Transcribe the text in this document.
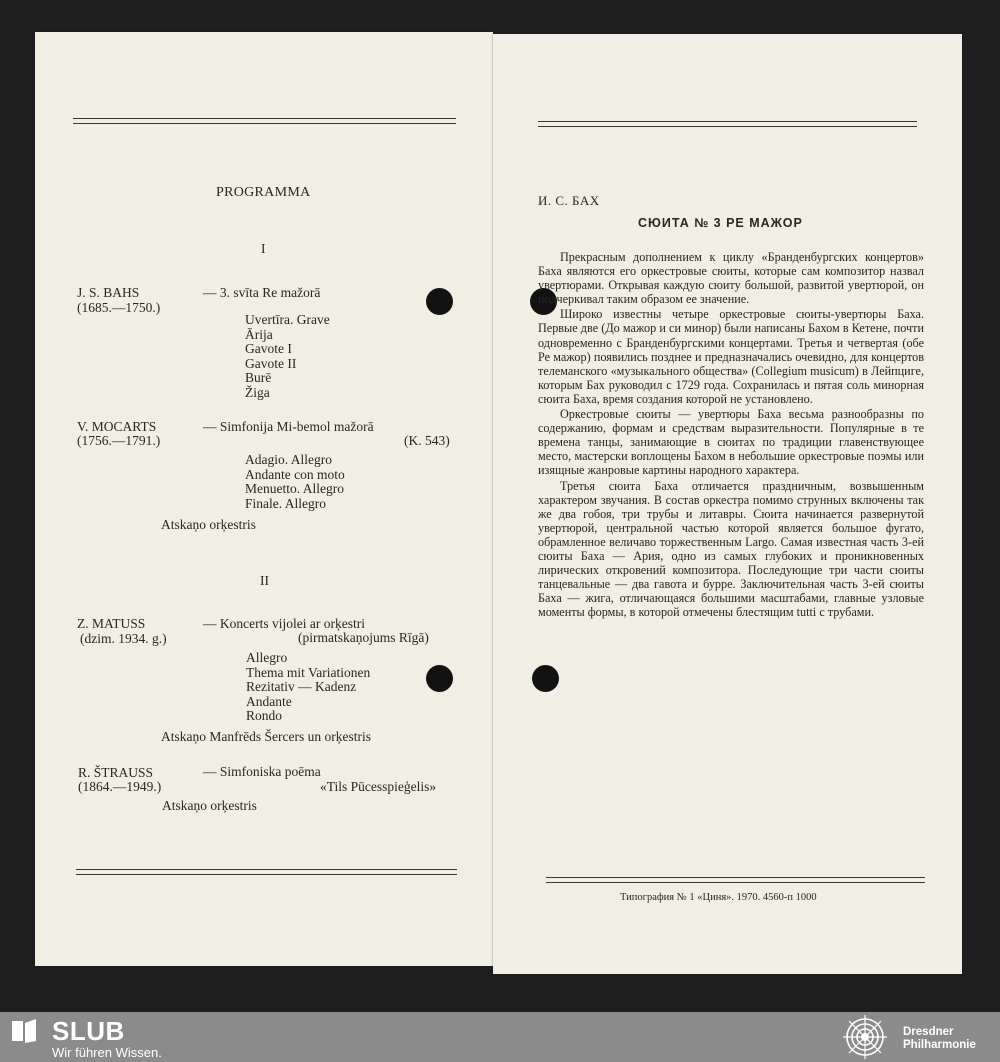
PROGRAMMA
I
J. S. BAHS
(1685.—1750.)
— 3. svīta Re mažorā
Uvertīra. Grave
Ārija
Gavote I
Gavote II
Burē
Žiga
V. MOCARTS
(1756.—1791.)
— Simfonija Mi-bemol mažorā
(K. 543)
Adagio. Allegro
Andante con moto
Menuetto. Allegro
Finale. Allegro
Atskaņo orķestris
II
Z. MATUSS
(dzim. 1934. g.)
— Koncerts vijolei ar orķestri
(pirmatskaņojums Rīgā)
Allegro
Thema mit Variationen
Rezitativ — Kadenz
Andante
Rondo
Atskaņo Manfrēds Šercers un orķestris
R. ŠTRAUSS
(1864.—1949.)
— Simfoniska poēma
«Tils Pūcesspieģelis»
Atskaņo orķestris
И. С. БАХ
СЮИТА № 3 РЕ МАЖОР

Прекрасным дополнением к циклу «Бранденбургских концертов» Баха являются его оркестровые сюиты, которые сам композитор назвал увертюрами. Открывая каждую сюиту большой, развитой увертюрой, он подчеркивал таким образом ее значение.

Широко известны четыре оркестровые сюиты-увертюры Баха. Первые две (До мажор и си минор) были написаны Бахом в Кетене, почти одновременно с Бранденбургскими концертами. Третья и четвертая (обе Ре мажор) появились позднее и предназначались очевидно, для концертов телеманского «музыкального общества» (Collegium musicum) в Лейпциге, которым Бах руководил с 1729 года. Сохранилась и пятая соль минорная сюита Баха, время создания которой не установлено.

Оркестровые сюиты — увертюры Баха весьма разнообразны по содержанию, формам и средствам выразительности. Популярные в те времена танцы, занимающие в сюитах по традиции главенствующее место, мастерски воплощены Бахом в небольшие оркестровые поэмы или изящные жанровые картины народного характера.

Третья сюита Баха отличается праздничным, возвышенным характером звучания. В состав оркестра помимо струнных включены так же два гобоя, три трубы и литавры. Сюита начинается развернутой увертюрой, центральной частью которой является большое фугато, обрамленное величаво торжественным Largo. Самая известная часть 3-ей сюиты Баха — Ария, одно из самых глубоких и проникновенных лирических откровений композитора. Последующие три части сюиты танцевальные — два гавота и бурре. Заключительная часть 3-ей сюиты Баха — жига, отличающаяся большими масштабами, главные узловые моменты формы, в которой отмечены блестящим tutti с трубами.

Типография № 1 «Циня». 1970. 4560-п 1000
SLUB
Wir führen Wissen.
Dresdner
Philharmonie
